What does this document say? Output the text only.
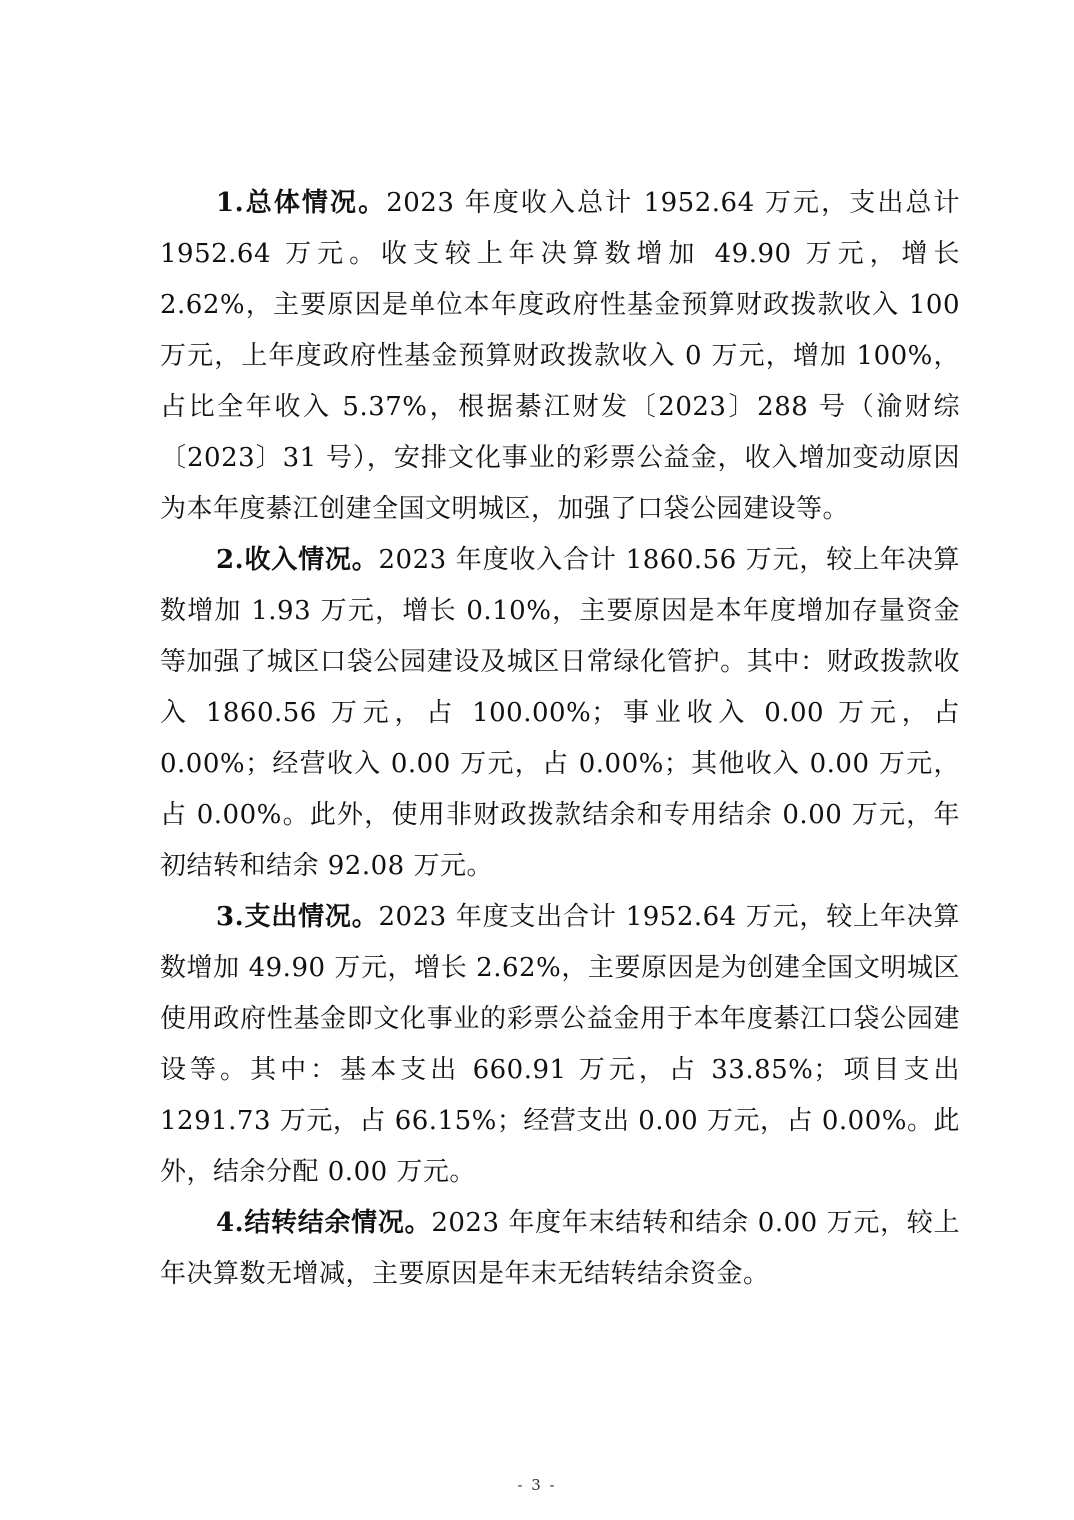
1.总体情况。2023 年度收入总计 1952.64 万元，支出总计 1952.64 万元。收支较上年决算数增加 49.90 万元，增长 2.62%，主要原因是单位本年度政府性基金预算财政拨款收入 100 万元，上年度政府性基金预算财政拨款收入 0 万元，增加 100%，占比全年收入 5.37%，根据綦江财发〔2023〕288 号（渝财综〔2023〕31 号），安排文化事业的彩票公益金，收入增加变动原因为本年度綦江创建全国文明城区，加强了口袋公园建设等。

2.收入情况。2023 年度收入合计 1860.56 万元，较上年决算数增加 1.93 万元，增长 0.10%，主要原因是本年度增加存量资金等加强了城区口袋公园建设及城区日常绿化管护。其中：财政拨款收入 1860.56 万元，占 100.00%；事业收入 0.00 万元，占 0.00%；经营收入 0.00 万元，占 0.00%；其他收入 0.00 万元，占 0.00%。此外，使用非财政拨款结余和专用结余 0.00 万元，年初结转和结余 92.08 万元。

3.支出情况。2023 年度支出合计 1952.64 万元，较上年决算数增加 49.90 万元，增长 2.62%，主要原因是为创建全国文明城区使用政府性基金即文化事业的彩票公益金用于本年度綦江口袋公园建设等。其中：基本支出 660.91 万元，占 33.85%；项目支出 1291.73 万元，占 66.15%；经营支出 0.00 万元，占 0.00%。此外，结余分配 0.00 万元。

4.结转结余情况。2023 年度年末结转和结余 0.00 万元，较上年决算数无增减，主要原因是年末无结转结余资金。

- 3 -
